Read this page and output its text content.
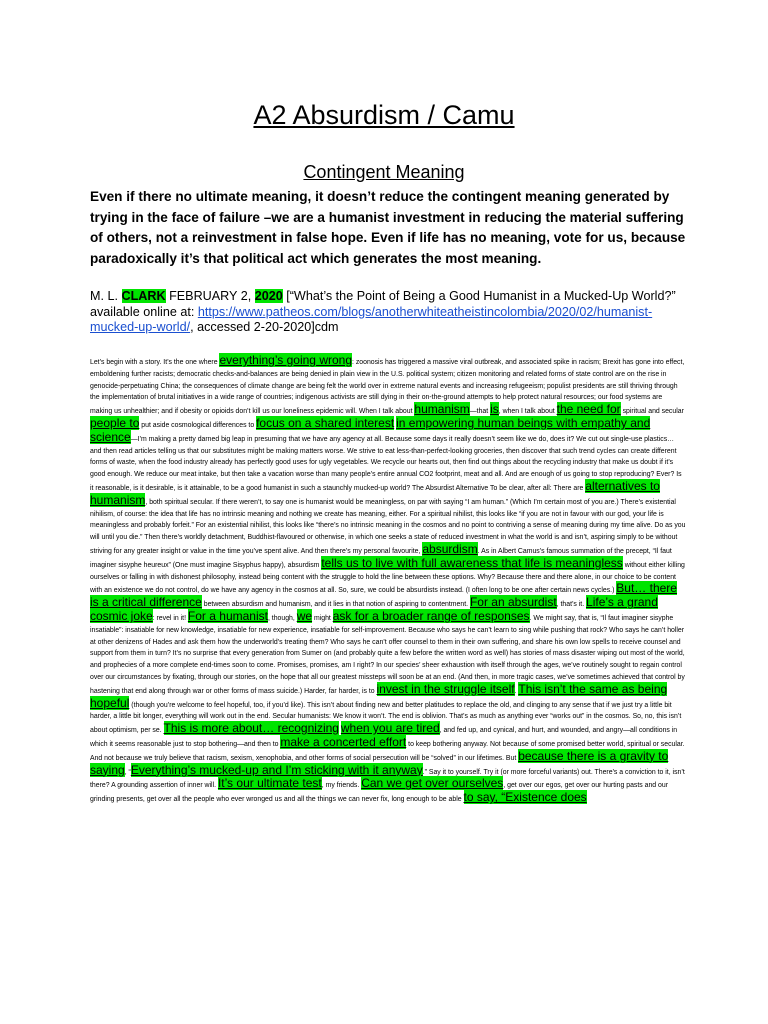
A2 Absurdism / Camu
Contingent Meaning
Even if there no ultimate meaning, it doesn’t reduce the contingent meaning generated by trying in the face of failure –we are a humanist investment in reducing the material suffering of others, not a reinvestment in false hope. Even if life has no meaning, vote for us, because paradoxically it’s that political act which generates the most meaning.
M. L. CLARK FEBRUARY 2, 2020 [“What’s the Point of Being a Good Humanist in a Mucked-Up World?” available online at: https://www.patheos.com/blogs/anotherwhiteatheistincolombia/2020/02/humanist-mucked-up-world/, accessed 2-20-2020]cdm
Let’s begin with a story. It’s the one where everything’s going wrong: zoonosis has triggered a massive viral outbreak, and associated spike in racism; Brexit has gone into effect, emboldening further racists; democratic checks-and-balances are being denied in plain view in the U.S. political system; citizen monitoring and related forms of state control are on the rise in genocide-perpetuating China; the consequences of climate change are being felt the world over in extreme natural events and increasing refugeeism; populist presidents are still thriving through the implementation of brutal initiatives in a wide range of countries; indigenous activists are still dying in their on-the-ground attempts to help protect natural resources; our food systems are making us unhealthier; and if obesity or opioids don’t kill us our loneliness epidemic will. When I talk about humanism—that is, when I talk about the need for spiritual and secular people to put aside cosmological differences to focus on a shared interest in empowering human beings with empathy and science—I’m making a pretty darned big leap in presuming that we have any agency at all. Because some days it really doesn’t seem like we do, does it? We cut out single-use plastics… and then read articles telling us that our substitutes might be making matters worse. We strive to eat less-than-perfect-looking groceries, then discover that such trend cycles can create different forms of waste, when the food industry already has perfectly good uses for ugly vegetables. We recycle our hearts out, then find out things about the recycling industry that make us doubt if it’s good enough. We reduce our meat intake, but then take a vacation worse than many people’s entire annual CO2 footprint, meat and all. And are enough of us going to stop reproducing? Ever? Is it reasonable, is it desirable, is it attainable, to be a good humanist in such a staunchly mucked-up world? The Absurdist Alternative To be clear, after all: There are alternatives to humanism, both spiritual secular. If there weren’t, to say one is humanist would be meaningless, on par with saying “I am human.” (Which I’m certain most of you are.) There’s existential nihilism, of course: the idea that life has no intrinsic meaning and nothing we create has meaning, either. For a spiritual nihilist, this looks like “if you are not in favour with our god, your life is meaningless and probably forfeit.” For an existential nihilist, this looks like “there’s no intrinsic meaning in the cosmos and no point to contriving a sense of meaning during my time alive. Do as you will until you die.” Then there’s worldly detachment, Buddhist-flavoured or otherwise, in which one seeks a state of reduced investment in what the world is and isn’t, aspiring simply to be without striving for any greater insight or value in the time you’ve spent alive. And then there’s my personal favourite, absurdism. As in Albert Camus’s famous summation of the precept, “Il faut imaginer sisyphe heureux” (One must imagine Sisyphus happy), absurdism tells us to live with full awareness that life is meaningless without either killing ourselves or falling in with dishonest philosophy, instead being content with the struggle to hold the line between these options. Why? Because there and there alone, in our choice to be content with an existence we do not control, do we have any agency in the cosmos at all. So, sure, we could be absurdists instead. (I often long to be one after certain news cycles.) But… there is a critical difference between absurdism and humanism, and it lies in that notion of aspiring to contentment. For an absurdist, that’s it. Life’s a grand cosmic joke: revel in it! For a humanist, though, we might ask for a broader range of responses. We might say, that is, “Il faut imaginer sisyphe insatiable”: insatiable for new knowledge, insatiable for new experience, insatiable for self-improvement. Because who says he can’t learn to sing while pushing that rock? Who says he can’t holler at other denizens of Hades and ask them how the underworld’s treating them? Who says he can’t offer counsel to them in their own suffering, and share his own low spells to receive counsel and support from them in turn? It’s no surprise that every generation from Sumer on (and probably quite a few before the written word as well) has stories of mass disaster wiping out most of the world, and prophecies of a more complete end-times soon to come. Promises, promises, am I right? In our species’ sheer exhaustion with itself through the ages, we’ve routinely sought to regain control over our circumstances by fixating, through our stories, on the hope that all our greatest missteps will soon be at an end. (And then, in more tragic cases, we’ve sometimes achieved that control by hastening that end along through war or other forms of mass suicide.) Harder, far harder, is to invest in the struggle itself. This isn’t the same as being hopeful (though you’re welcome to feel hopeful, too, if you’d like). This isn’t about finding new and better platitudes to replace the old, and clinging to any sense that if we just try a little bit harder, a little bit longer, everything will work out in the end. Secular humanists: We know it won’t. The end is oblivion. That’s as much as anything ever “works out” in the cosmos. So, no, this isn’t about optimism, per se. This is more about… recognizing when you are tired, and fed up, and cynical, and hurt, and wounded, and angry—all conditions in which it seems reasonable just to stop bothering—and then to make a concerted effort to keep bothering anyway. Not because of some promised better world, spiritual or secular. And not because we truly believe that racism, sexism, xenophobia, and other forms of social persecution will be “solved” in our lifetimes. But because there is a gravity to saying, “Everything’s mucked-up and I’m sticking with it anyway.” Say it to yourself. Try it (or more forceful variants) out. There’s a conviction to it, isn’t there? A grounding assertion of inner will. It’s our ultimate test, my friends. Can we get over ourselves, get over our egos, get over our hurting pasts and our grinding presents, get over all the people who ever wronged us and all the things we can never fix, long enough to be able to say, “Existence does
